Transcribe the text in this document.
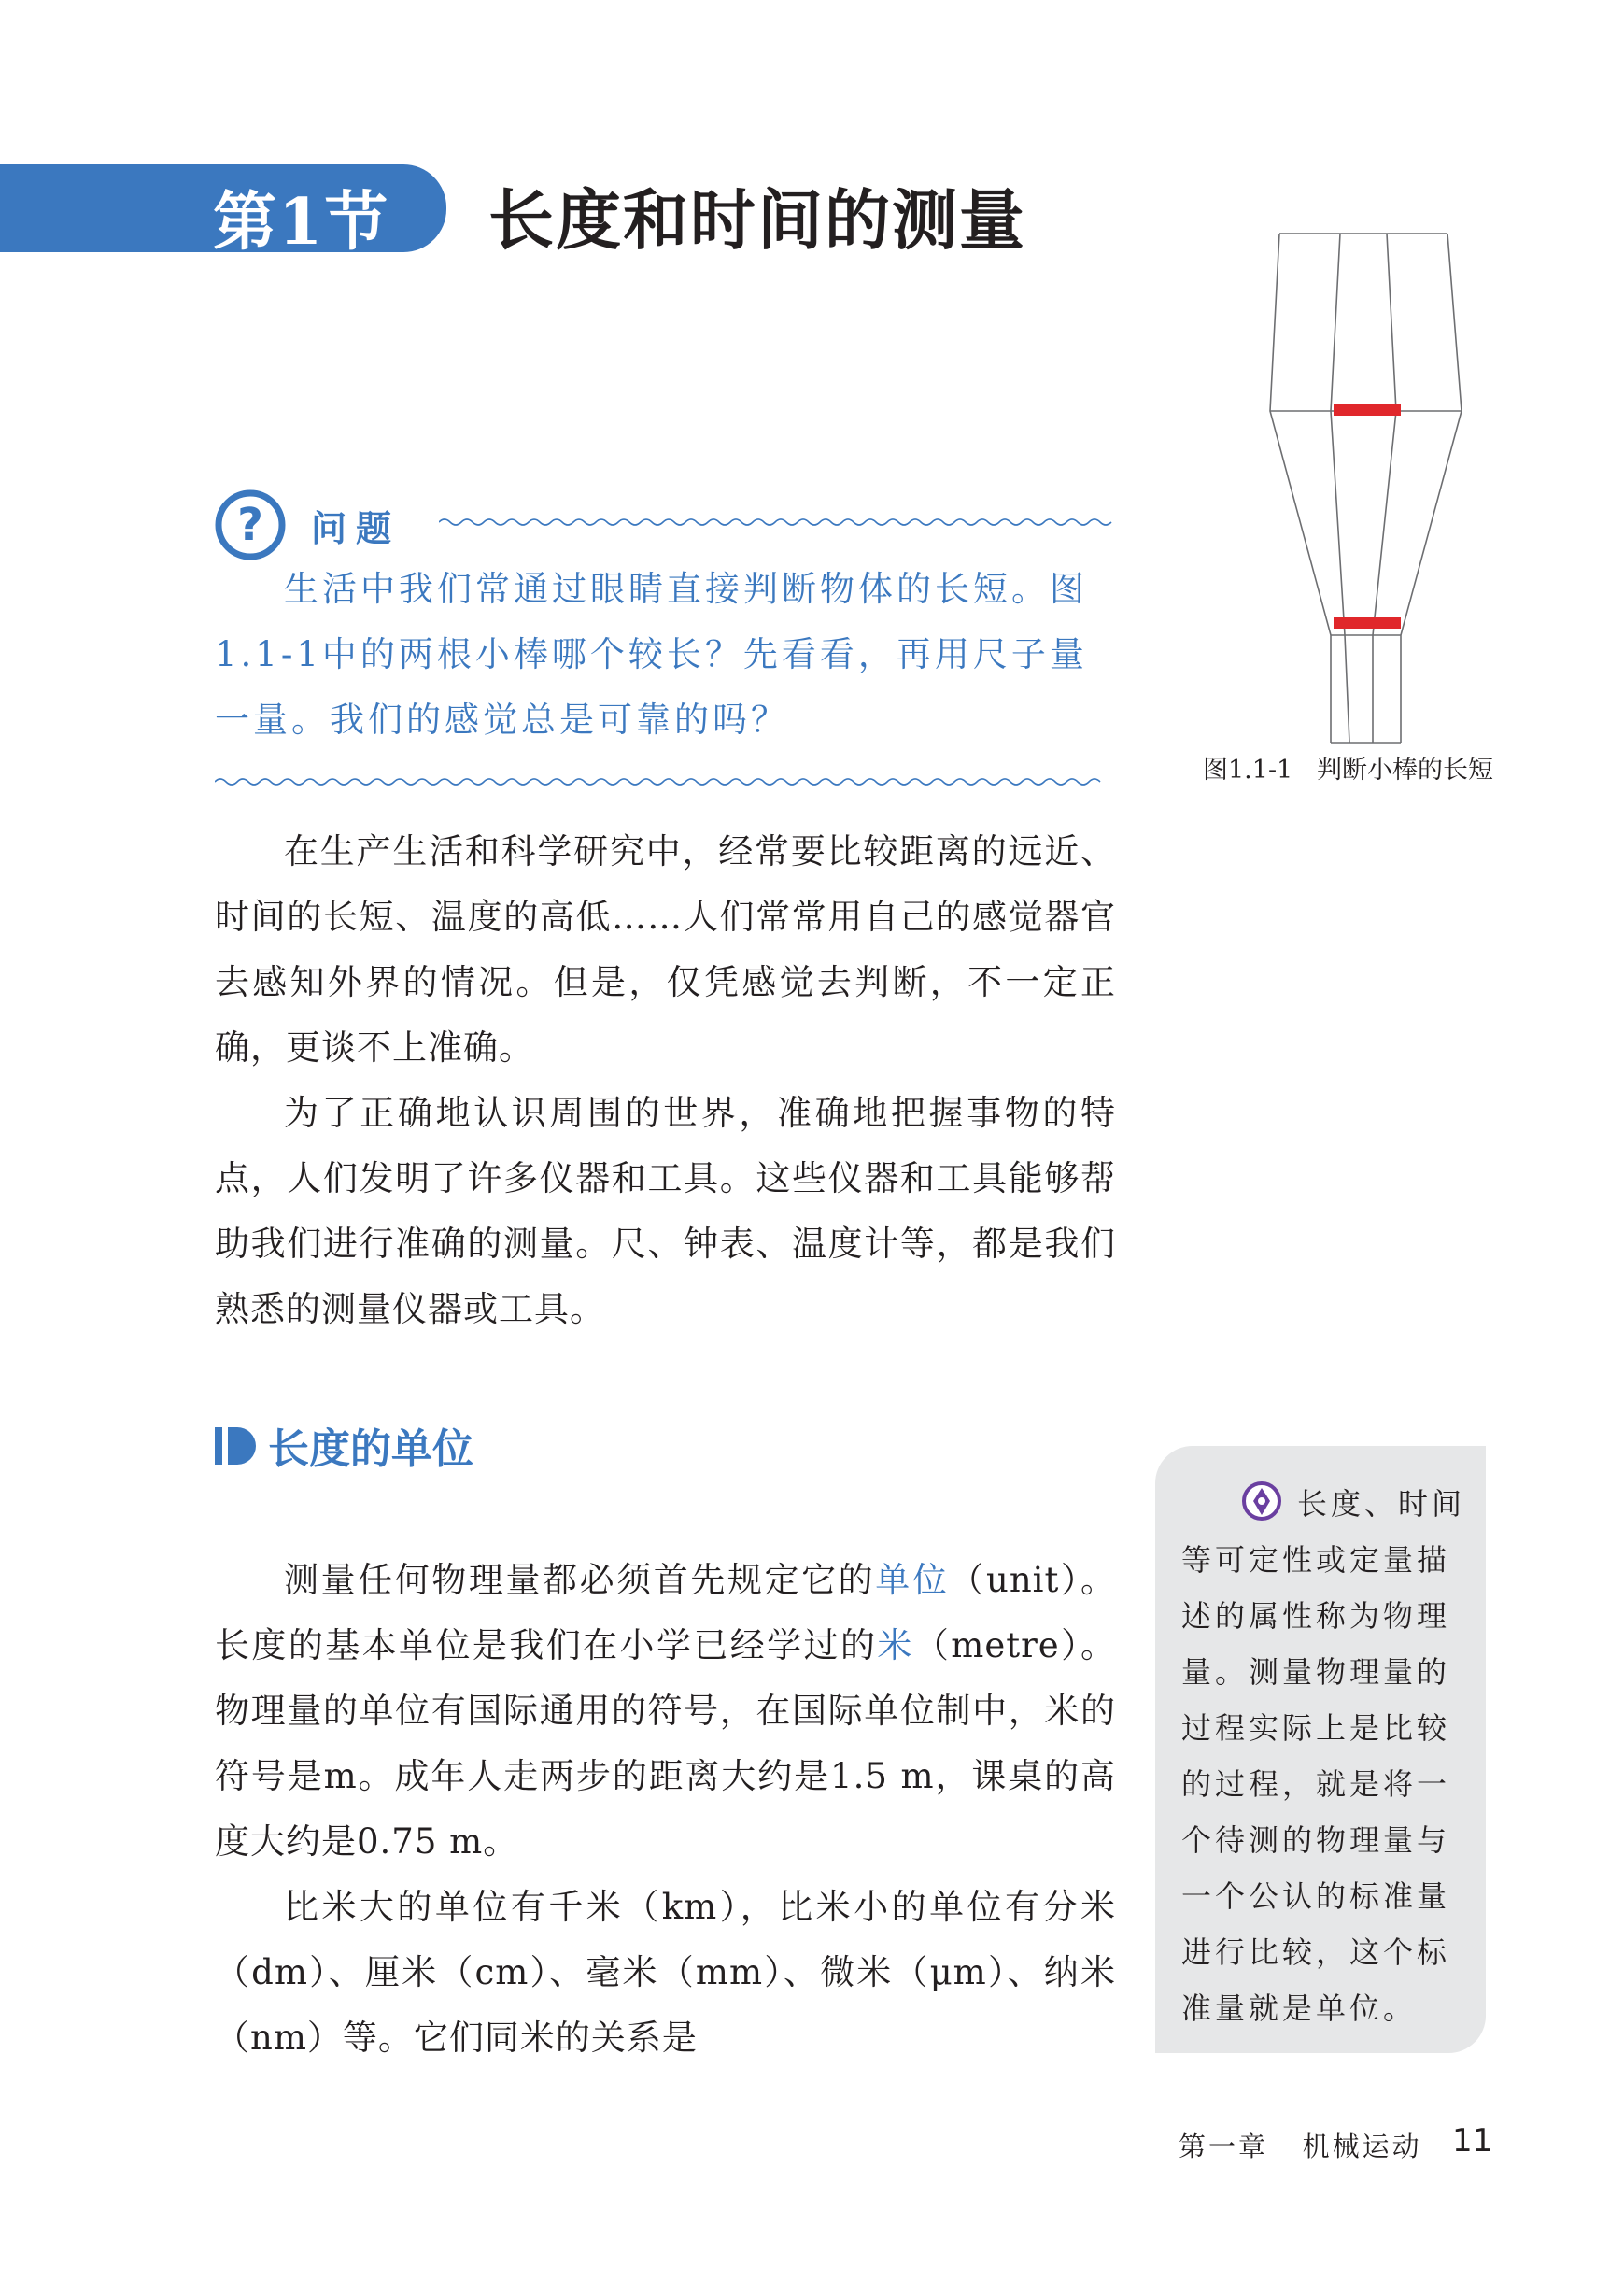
第1节 长度和时间的测量
图1.1-1   判断小棒的长短
? 问题
生活中我们常通过眼睛直接判断物体的长短。图1.1-1中的两根小棒哪个较长？先看看，再用尺子量一量。我们的感觉总是可靠的吗？
在生产生活和科学研究中，经常要比较距离的远近、时间的长短、温度的高低……人们常常用自己的感觉器官去感知外界的情况。但是，仅凭感觉去判断，不一定正确，更谈不上准确。
为了正确地认识周围的世界，准确地把握事物的特点，人们发明了许多仪器和工具。这些仪器和工具能够帮助我们进行准确的测量。尺、钟表、温度计等，都是我们熟悉的测量仪器或工具。
长度的单位
测量任何物理量都必须首先规定它的单位（unit）。长度的基本单位是我们在小学已经学过的米（metre）。物理量的单位有国际通用的符号，在国际单位制中，米的符号是m。成年人走两步的距离大约是1.5 m，课桌的高度大约是0.75 m。
比米大的单位有千米（km），比米小的单位有分米（dm）、厘米（cm）、毫米（mm）、微米（μm）、纳米（nm）等。它们同米的关系是
长度、时间等可定性或定量描述的属性称为物理量。测量物理量的过程实际上是比较的过程，就是将一个待测的物理量与一个公认的标准量进行比较，这个标准量就是单位。
第一章   机械运动 11
